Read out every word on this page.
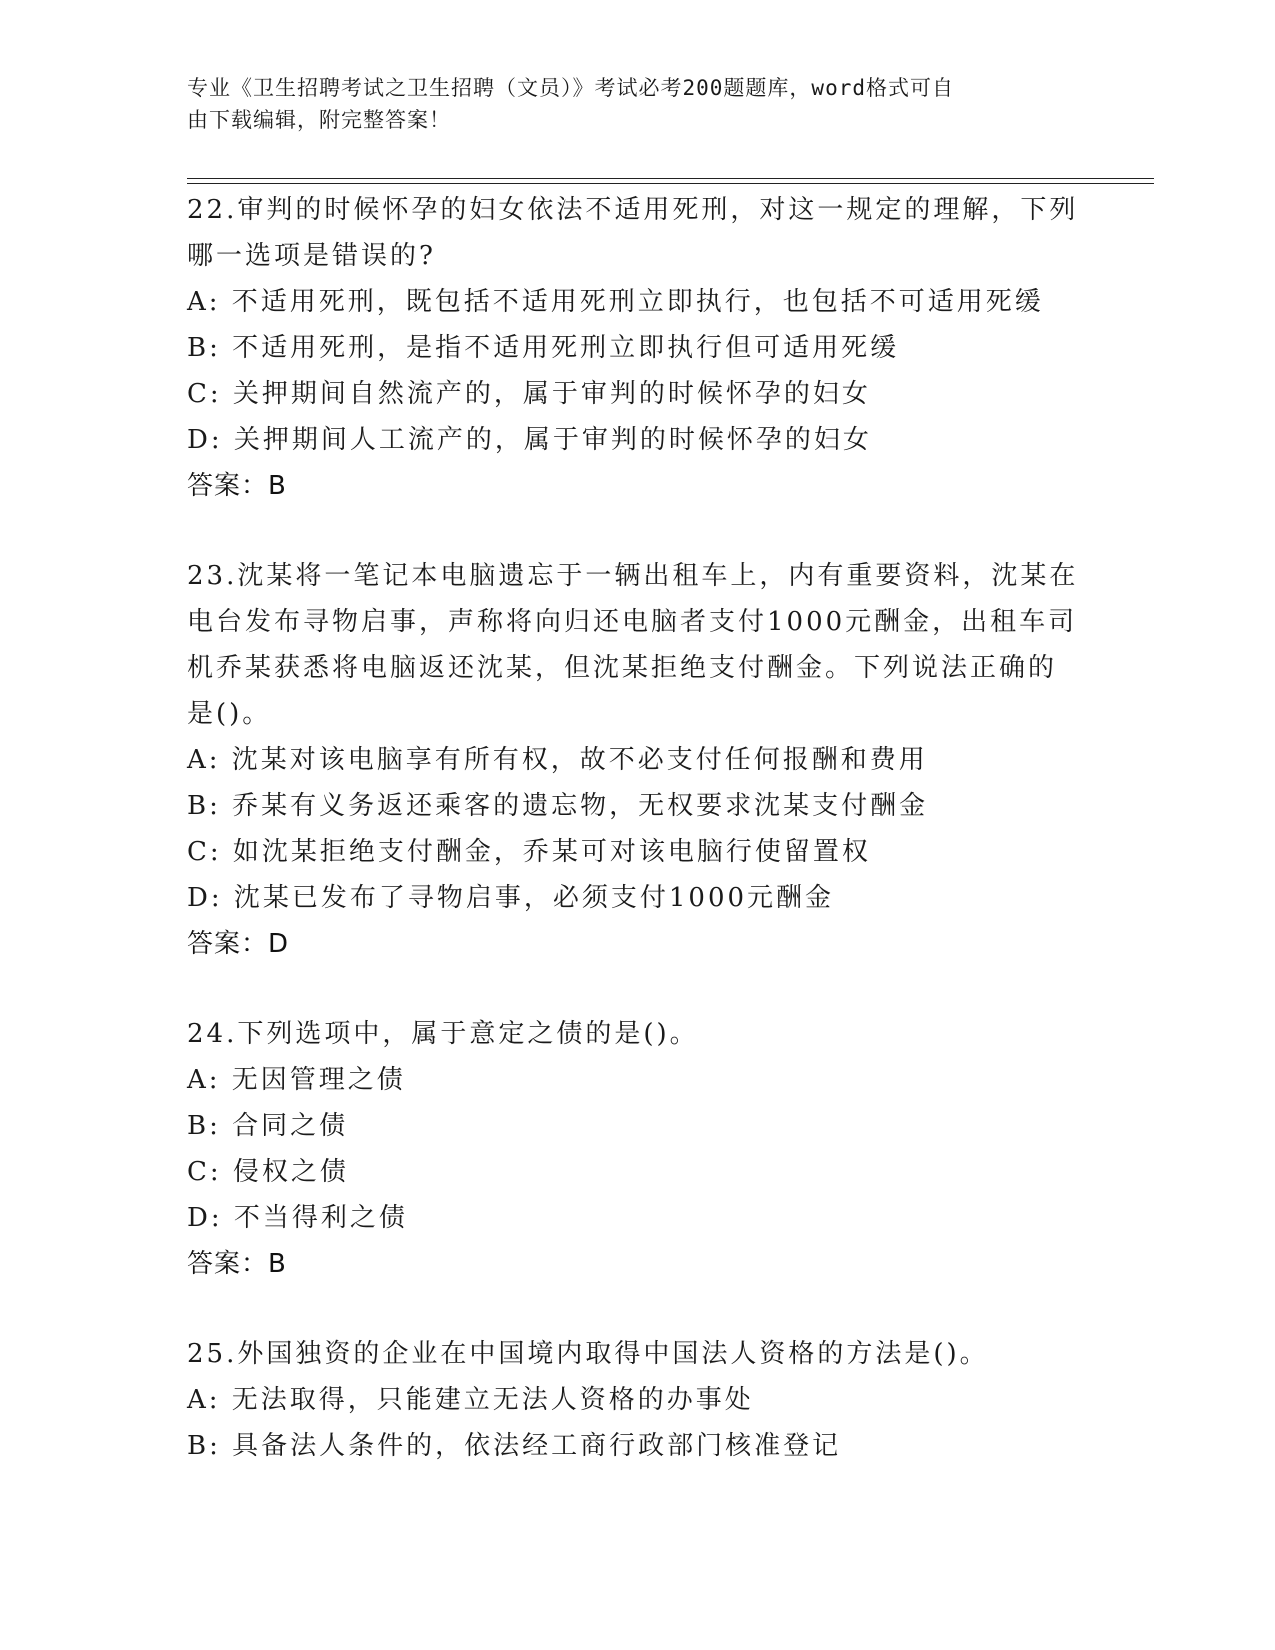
专业《卫生招聘考试之卫生招聘（文员）》考试必考200题题库，word格式可自
由下载编辑，附完整答案！
22.审判的时候怀孕的妇女依法不适用死刑，对这一规定的理解，下列
哪一选项是错误的?
A: 不适用死刑，既包括不适用死刑立即执行，也包括不可适用死缓
B: 不适用死刑，是指不适用死刑立即执行但可适用死缓
C: 关押期间自然流产的，属于审判的时候怀孕的妇女
D: 关押期间人工流产的，属于审判的时候怀孕的妇女
答案：B
23.沈某将一笔记本电脑遗忘于一辆出租车上，内有重要资料，沈某在
电台发布寻物启事，声称将向归还电脑者支付1000元酬金，出租车司
机乔某获悉将电脑返还沈某，但沈某拒绝支付酬金。下列说法正确的
是()。
A: 沈某对该电脑享有所有权，故不必支付任何报酬和费用
B: 乔某有义务返还乘客的遗忘物，无权要求沈某支付酬金
C: 如沈某拒绝支付酬金，乔某可对该电脑行使留置权
D: 沈某已发布了寻物启事，必须支付1000元酬金
答案：D
24.下列选项中，属于意定之债的是()。
A: 无因管理之债
B: 合同之债
C: 侵权之债
D: 不当得利之债
答案：B
25.外国独资的企业在中国境内取得中国法人资格的方法是()。
A: 无法取得，只能建立无法人资格的办事处
B: 具备法人条件的，依法经工商行政部门核准登记
